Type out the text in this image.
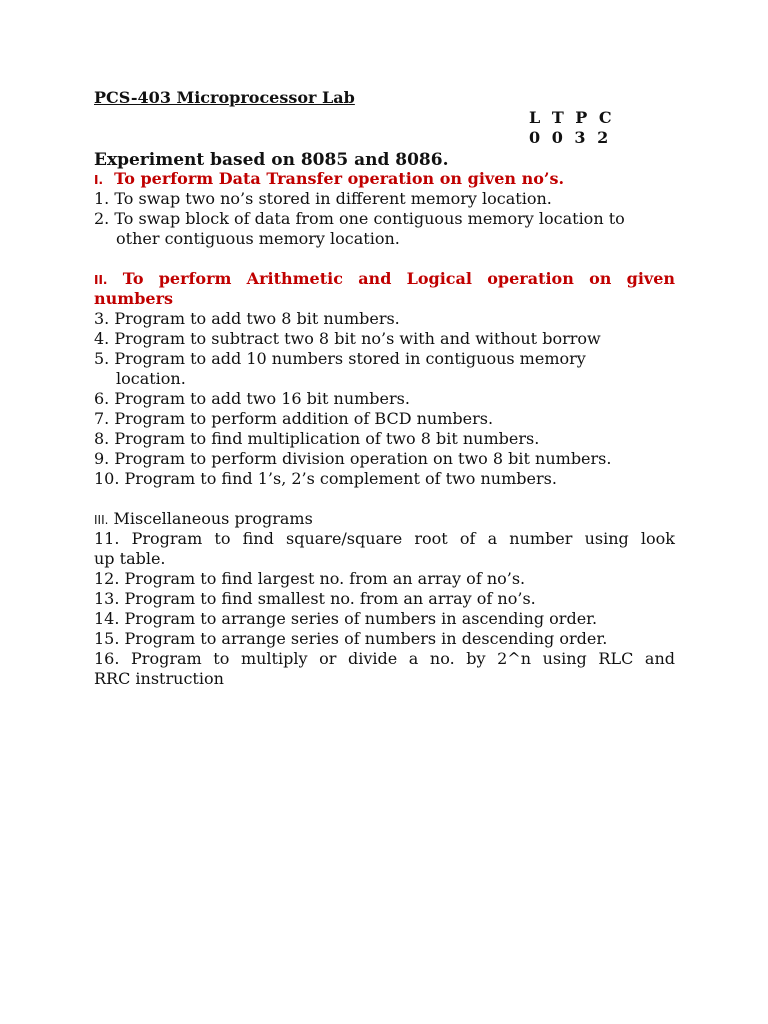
PCS-403 Microprocessor Lab
L T P C
0 0 3 2
Experiment based on 8085 and 8086.
I. To perform Data Transfer operation on given no’s.
1. To swap two no’s stored in different memory location.
2. To swap block of data from one contiguous memory location to
other contiguous memory location.
II. To perform Arithmetic and Logical operation on given
numbers
3. Program to add two 8 bit numbers.
4. Program to subtract two 8 bit no’s with and without borrow
5. Program to add 10 numbers stored in contiguous memory
location.
6. Program to add two 16 bit numbers.
7. Program to perform addition of BCD numbers.
8. Program to find multiplication of two 8 bit numbers.
9. Program to perform division operation on two 8 bit numbers.
10. Program to find 1’s, 2’s complement of two numbers.
III. Miscellaneous programs
11. Program to find square/square root of a number using look
up table.
12. Program to find largest no. from an array of no’s.
13. Program to find smallest no. from an array of no’s.
14. Program to arrange series of numbers in ascending order.
15. Program to arrange series of numbers in descending order.
16. Program to multiply or divide a no. by 2^n using RLC and
RRC instruction
